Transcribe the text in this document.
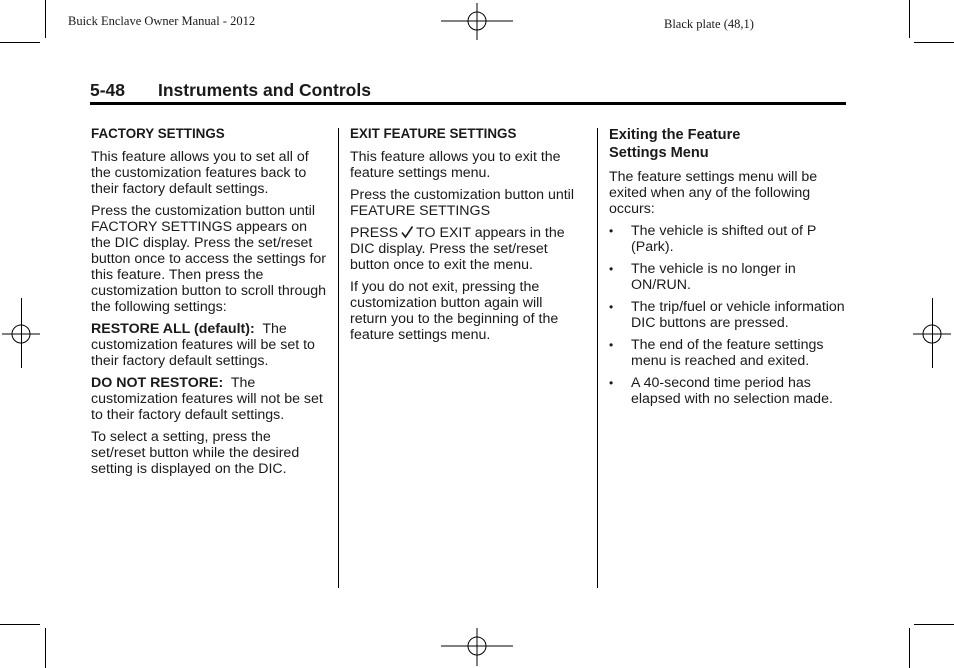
Buick Enclave Owner Manual - 2012	Black plate (48,1)
5-48 Instruments and Controls
FACTORY SETTINGS

This feature allows you to set all of the customization features back to their factory default settings.

Press the customization button until FACTORY SETTINGS appears on the DIC display. Press the set/reset button once to access the settings for this feature. Then press the customization button to scroll through the following settings:

RESTORE ALL (default): The customization features will be set to their factory default settings.

DO NOT RESTORE: The customization features will not be set to their factory default settings.

To select a setting, press the set/reset button while the desired setting is displayed on the DIC.

EXIT FEATURE SETTINGS

This feature allows you to exit the feature settings menu.

Press the customization button until FEATURE SETTINGS

PRESS TO EXIT appears in the DIC display. Press the set/reset button once to exit the menu.

If you do not exit, pressing the customization button again will return you to the beginning of the feature settings menu.

Exiting the Feature Settings Menu

The feature settings menu will be exited when any of the following occurs:

• The vehicle is shifted out of P (Park).
• The vehicle is no longer in ON/RUN.
• The trip/fuel or vehicle information DIC buttons are pressed.
• The end of the feature settings menu is reached and exited.
• A 40-second time period has elapsed with no selection made.
